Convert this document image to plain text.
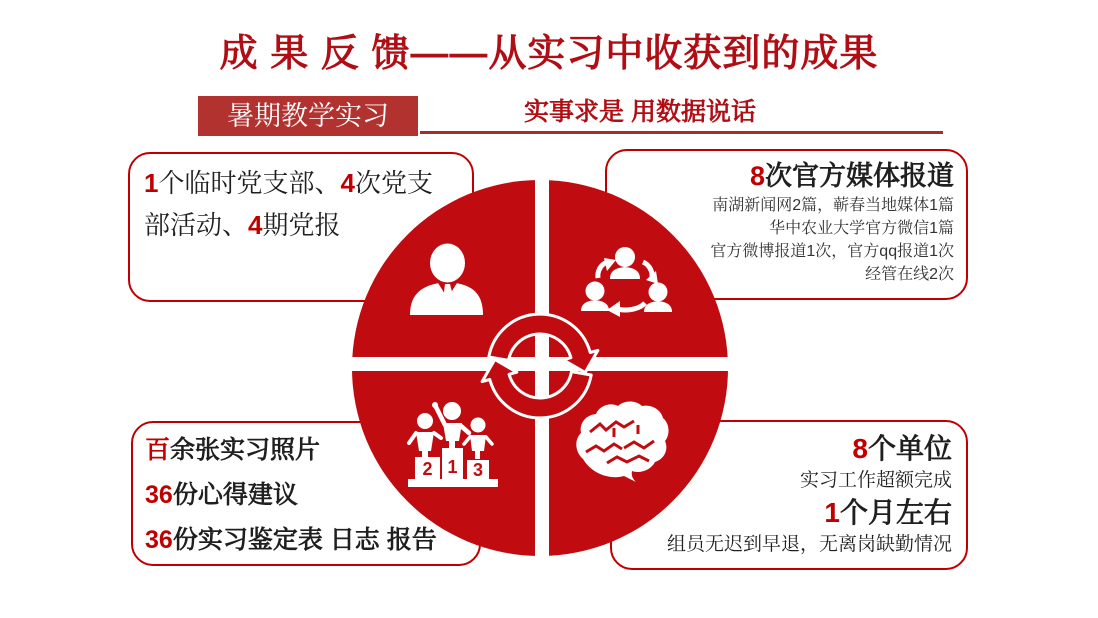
成 果 反 馈——从实习中收获到的成果
暑期教学实习	实事求是 用数据说话
1个临时党支部、4次党支
部活动、4期党报
8次官方媒体报道
南湖新闻网2篇，蕲春当地媒体1篇
华中农业大学官方微信1篇
官方微博报道1次，官方qq报道1次
经管在线2次
百余张实习照片
36份心得建议
36份实习鉴定表 日志 报告
8个单位
实习工作超额完成
1个月左右
组员无迟到早退，无离岗缺勤情况
2 1 3
